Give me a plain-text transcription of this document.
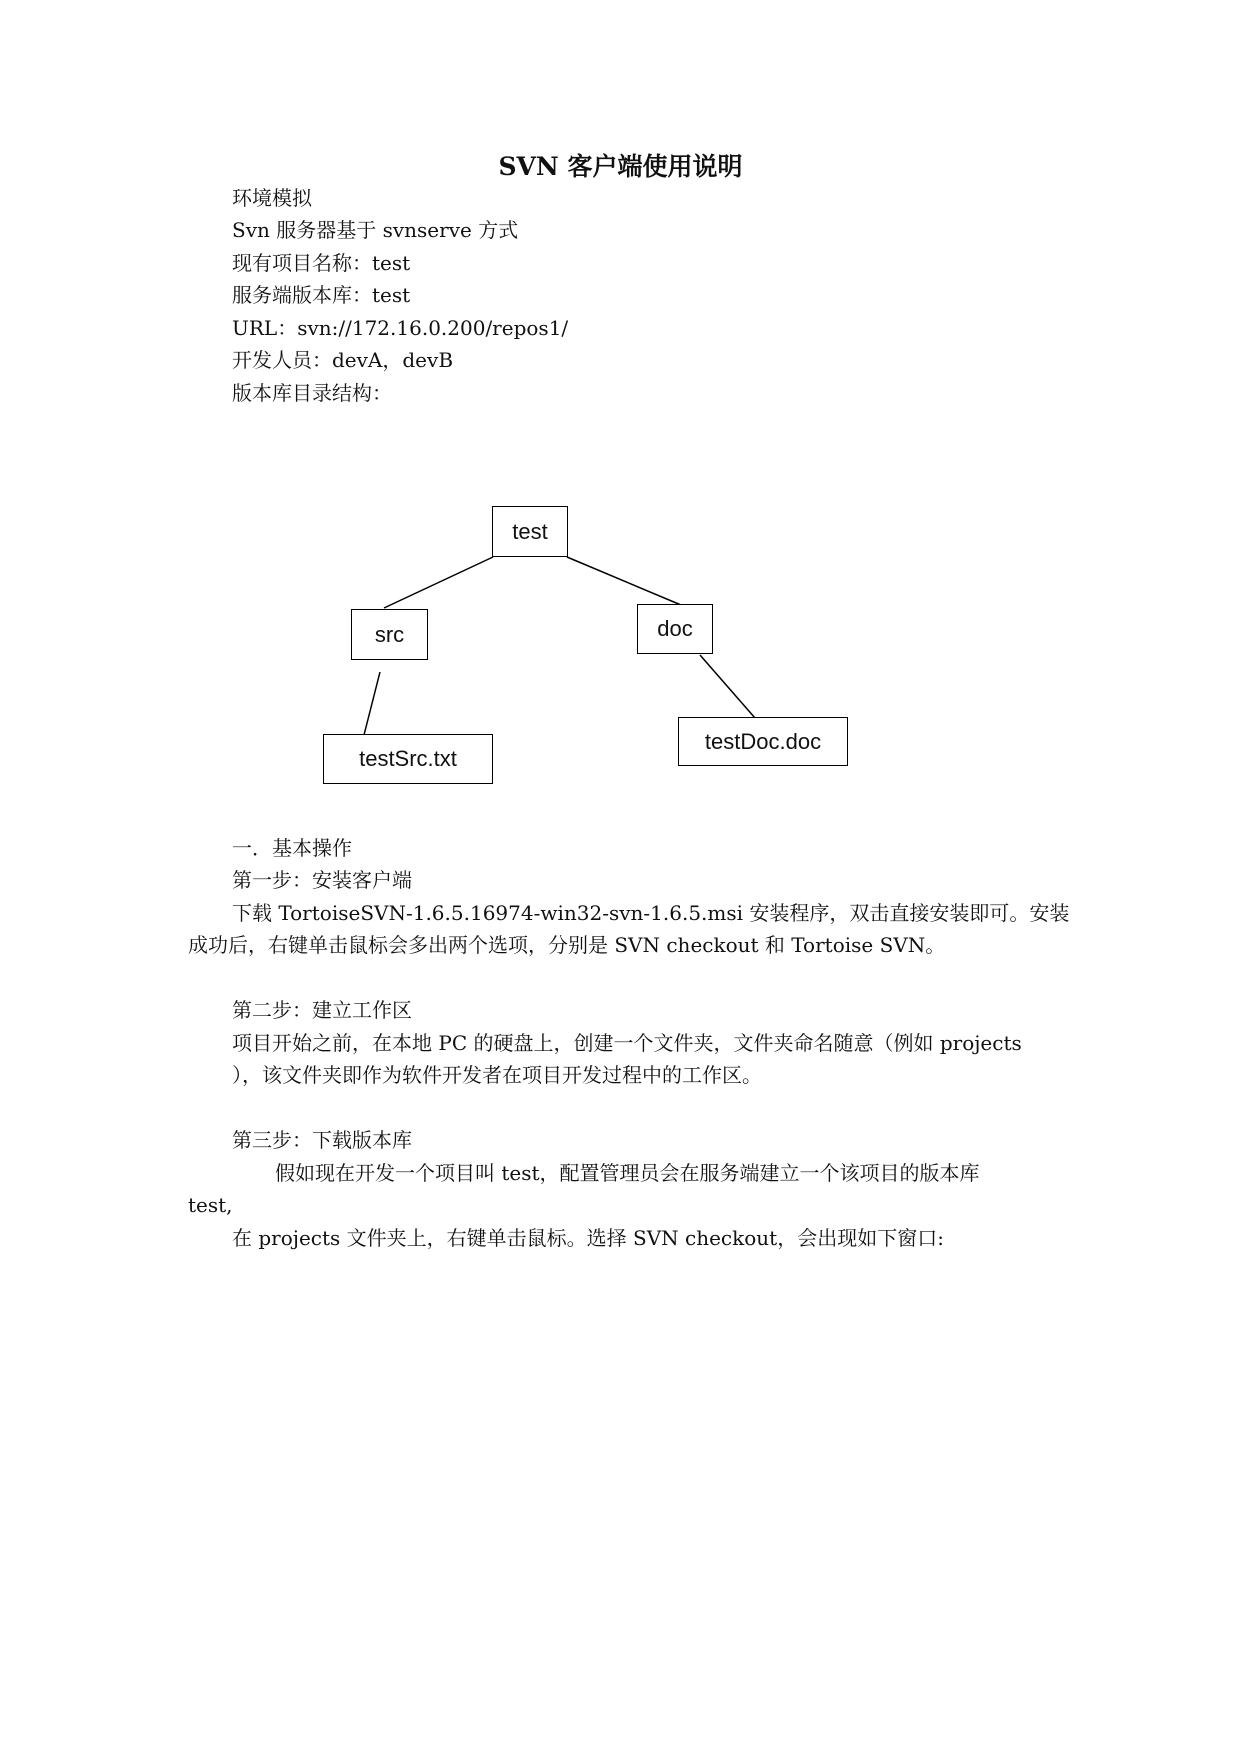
SVN 客户端使用说明
环境模拟
Svn 服务器基于 svnserve 方式
现有项目名称：test
服务端版本库：test
URL：svn://172.16.0.200/repos1/
开发人员：devA，devB
版本库目录结构：
test
src	doc
testSrc.txt
testDoc.doc
一．基本操作
第一步：安装客户端
下载 TortoiseSVN-1.6.5.16974-win32-svn-1.6.5.msi 安装程序，双击直接安装即可。安装
成功后，右键单击鼠标会多出两个选项，分别是 SVN checkout 和 Tortoise SVN。
第二步：建立工作区
项目开始之前，在本地 PC 的硬盘上，创建一个文件夹，文件夹命名随意（例如 projects
），该文件夹即作为软件开发者在项目开发过程中的工作区。
第三步：下载版本库
假如现在开发一个项目叫 test，配置管理员会在服务端建立一个该项目的版本库
test,
在 projects 文件夹上，右键单击鼠标。选择 SVN checkout，会出现如下窗口:
